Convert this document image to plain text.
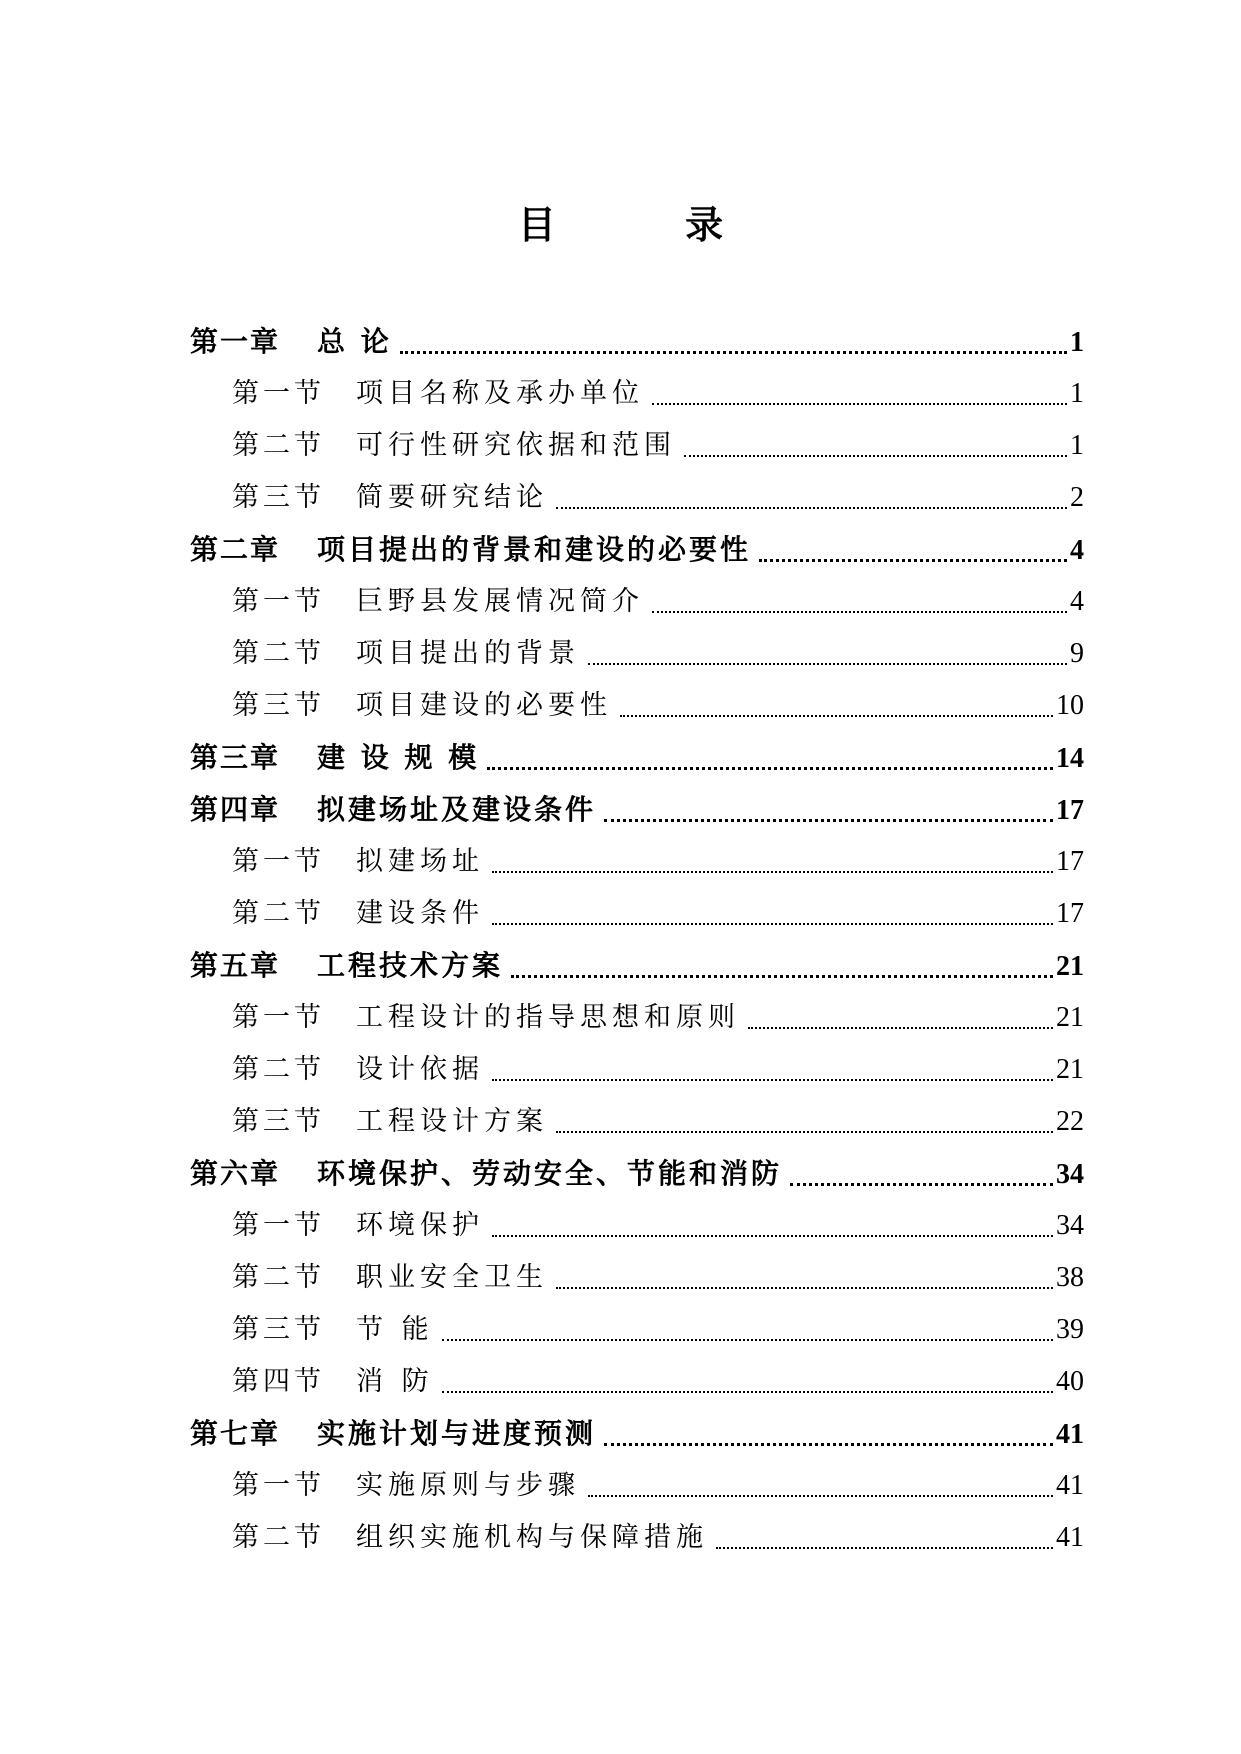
目 录
第一章	总 论	1
第一节	项目名称及承办单位	1
第二节	可行性研究依据和范围	1
第三节	简要研究结论	2
第二章	项目提出的背景和建设的必要性	4
第一节	巨野县发展情况简介	4
第二节	项目提出的背景	9
第三节	项目建设的必要性	10
第三章	建 设 规 模	14
第四章	拟建场址及建设条件	17
第一节	拟建场址	17
第二节	建设条件	17
第五章	工程技术方案	21
第一节	工程设计的指导思想和原则	21
第二节	设计依据	21
第三节	工程设计方案	22
第六章	环境保护、劳动安全、节能和消防	34
第一节	环境保护	34
第二节	职业安全卫生	38
第三节	节 能	39
第四节	消 防	40
第七章	实施计划与进度预测	41
第一节	实施原则与步骤	41
第二节	组织实施机构与保障措施	41
